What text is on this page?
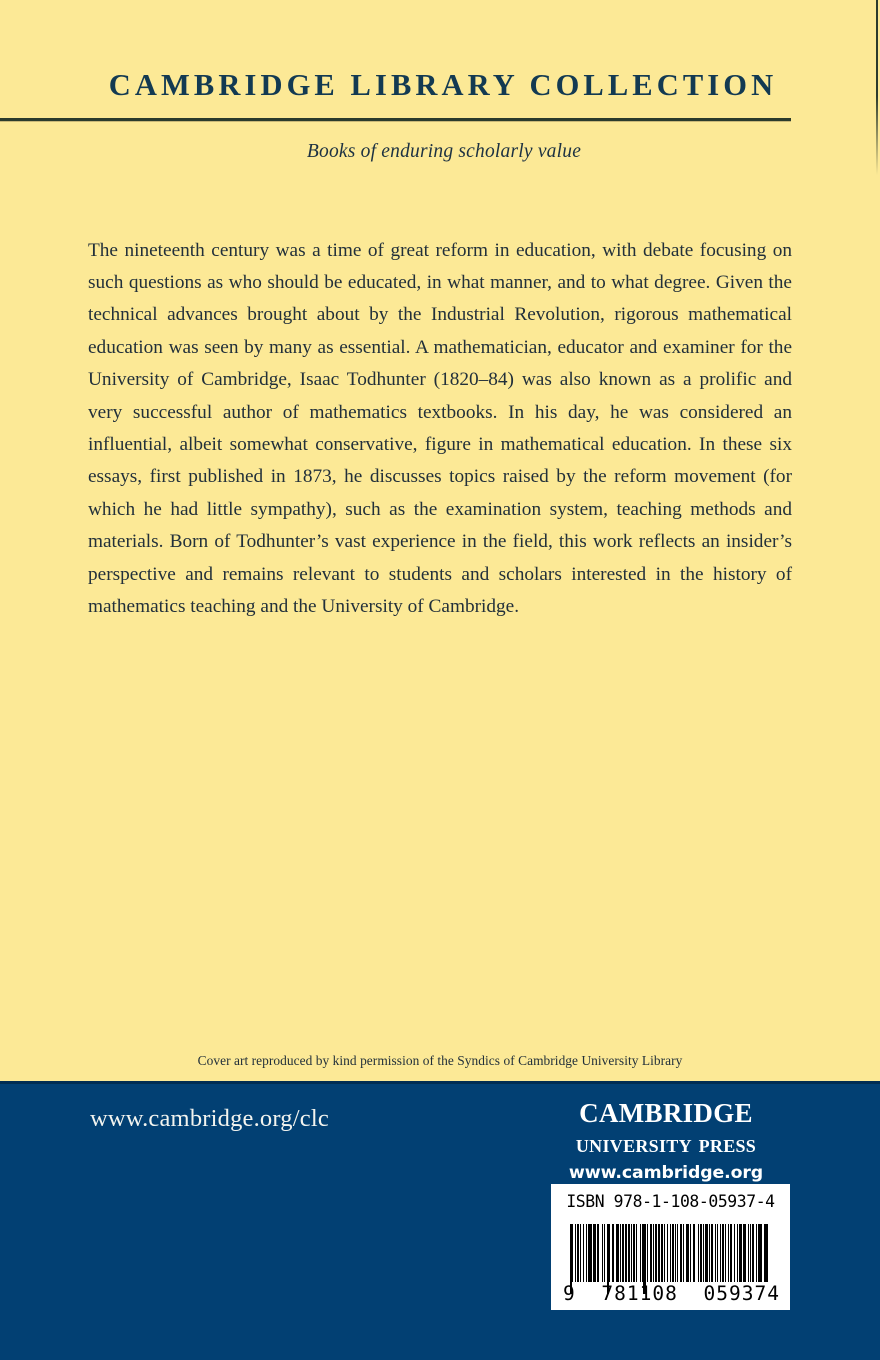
CAMBRIDGE LIBRARY COLLECTION
Books of enduring scholarly value

The nineteenth century was a time of great reform in education, with debate focusing on such questions as who should be educated, in what manner, and to what degree. Given the technical advances brought about by the Industrial Revolution, rigorous mathematical education was seen by many as essential. A mathematician, educator and examiner for the University of Cambridge, Isaac Todhunter (1820–84) was also known as a prolific and very successful author of mathematics textbooks. In his day, he was considered an influential, albeit somewhat conservative, figure in mathematical education. In these six essays, first published in 1873, he discusses topics raised by the reform movement (for which he had little sympathy), such as the examination system, teaching methods and materials. Born of Todhunter’s vast experience in the field, this work reflects an insider’s perspective and remains relevant to students and scholars interested in the history of mathematics teaching and the University of Cambridge.

Cover art reproduced by kind permission of the Syndics of Cambridge University Library
www.cambridge.org/clc	cambridge
university press
www.cambridge.org
ISBN 978-1-108-05937-4
9 781108 059374
